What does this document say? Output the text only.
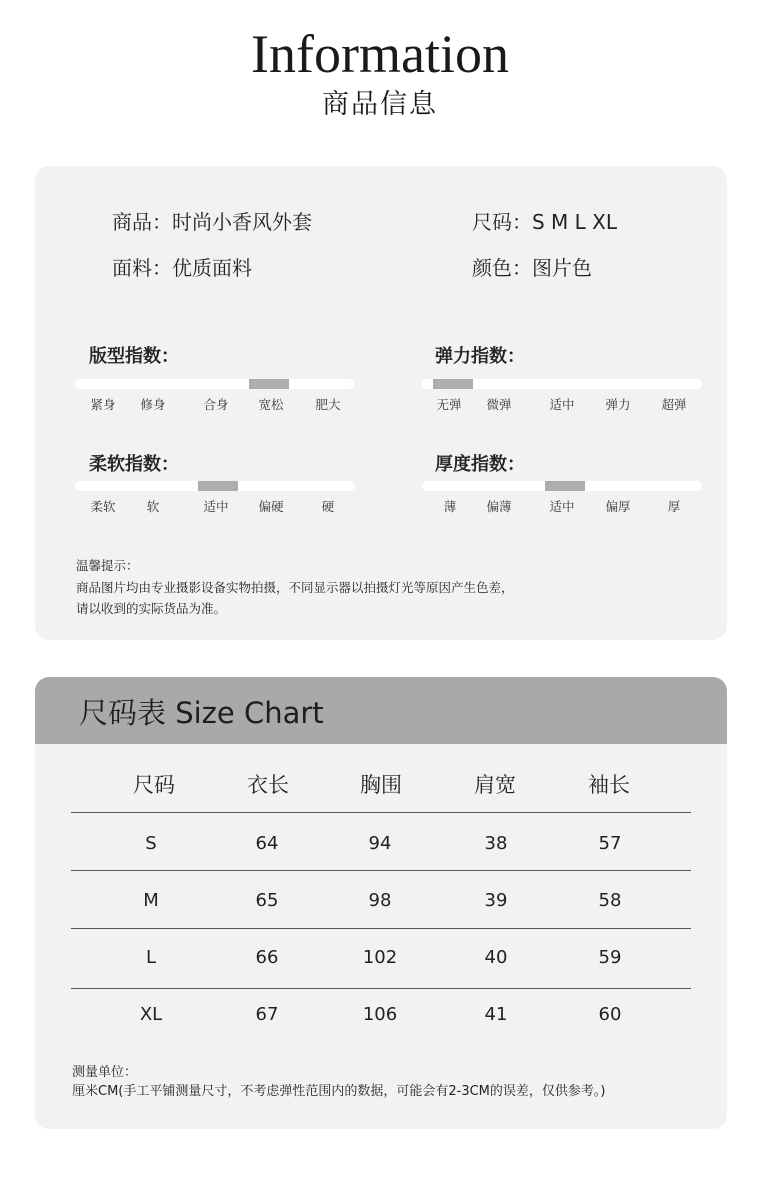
Information
商品信息
商品：时尚小香风外套	尺码：S M L XL
面料：优质面料	颜色：图片色
版型指数：
紧身 修身	合身 宽松	肥大
弹力指数：
无弹 微弹	适中 弹力 超弹
柔软指数：
柔软 软	适中 偏硬	硬
厚度指数：
薄 偏薄	适中 偏厚	厚
温馨提示：
商品图片均由专业摄影设备实物拍摄，不同显示器以拍摄灯光等原因产生色差，
请以收到的实际货品为准。
尺码表 Size Chart
尺码	衣长	胸围	肩宽	袖长
S	64	94	38	57
M	65	98	39	58
L	66	102	40	59
XL	67	106	41	60
测量单位：
厘米CM(手工平铺测量尺寸，不考虑弹性范围内的数据，可能会有2-3CM的误差，仅供参考。)
